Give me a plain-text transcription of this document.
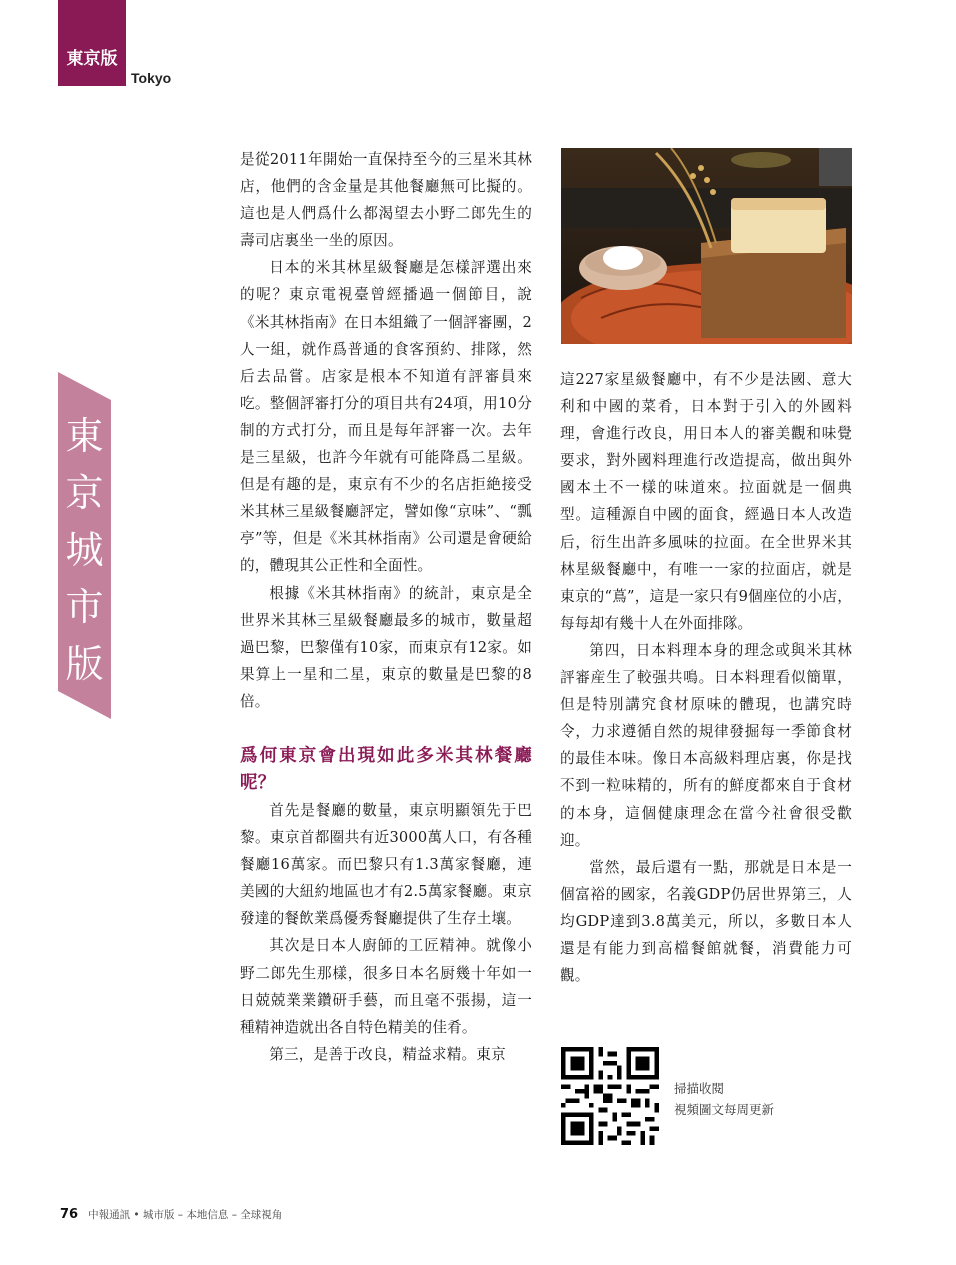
東京版
Tokyo
東
京
城
市
版

是從2011年開始一直保持至今的三星米其林店，他們的含金量是其他餐廳無可比擬的。這也是人們爲什么都渴望去小野二郎先生的壽司店裏坐一坐的原因。

日本的米其林星級餐廳是怎樣評選出來的呢？東京電視臺曾經播過一個節目，說《米其林指南》在日本組織了一個評審團，2人一組，就作爲普通的食客預約、排隊，然后去品嘗。店家是根本不知道有評審員來吃。整個評審打分的項目共有24項，用10分制的方式打分，而且是每年評審一次。去年是三星級，也許今年就有可能降爲二星級。但是有趣的是，東京有不少的名店拒絶接受米其林三星級餐廳評定，譬如像“京味”、“瓢亭”等，但是《米其林指南》公司還是會硬給的，體現其公正性和全面性。

根據《米其林指南》的統計，東京是全世界米其林三星級餐廳最多的城市，數量超過巴黎，巴黎僅有10家，而東京有12家。如果算上一星和二星，東京的數量是巴黎的8倍。

爲何東京會出現如此多米其林餐廳呢？

首先是餐廳的數量，東京明顯領先于巴黎。東京首都圈共有近3000萬人口，有各種餐廳16萬家。而巴黎只有1.3萬家餐廳，連美國的大紐約地區也才有2.5萬家餐廳。東京發達的餐飲業爲優秀餐廳提供了生存土壤。

其次是日本人廚師的工匠精神。就像小野二郎先生那樣，很多日本名厨幾十年如一日兢兢業業鑽研手藝，而且毫不張揚，這一種精神造就出各自特色精美的佳肴。

第三，是善于改良，精益求精。東京

這227家星級餐廳中，有不少是法國、意大利和中國的菜肴，日本對于引入的外國料理，會進行改良，用日本人的審美觀和味覺要求，對外國料理進行改造提高，做出與外國本土不一樣的味道來。拉面就是一個典型。這種源自中國的面食，經過日本人改造后，衍生出許多風味的拉面。在全世界米其林星級餐廳中，有唯一一家的拉面店，就是東京的“蔦”，這是一家只有9個座位的小店，每每却有幾十人在外面排隊。

第四，日本料理本身的理念或與米其林評審産生了較强共鳴。日本料理看似簡單，但是特別講究食材原味的體現，也講究時令，力求遵循自然的規律發掘每一季節食材的最佳本味。像日本高級料理店裏，你是找不到一粒味精的，所有的鮮度都來自于食材的本身，這個健康理念在當今社會很受歡迎。

當然，最后還有一點，那就是日本是一個富裕的國家，名義GDP仍居世界第三，人均GDP達到3.8萬美元，所以，多數日本人還是有能力到高檔餐館就餐，消費能力可觀。

掃描收閱
視頻圖文每周更新
76 中報通訊 • 城市版 – 本地信息 – 全球視角
